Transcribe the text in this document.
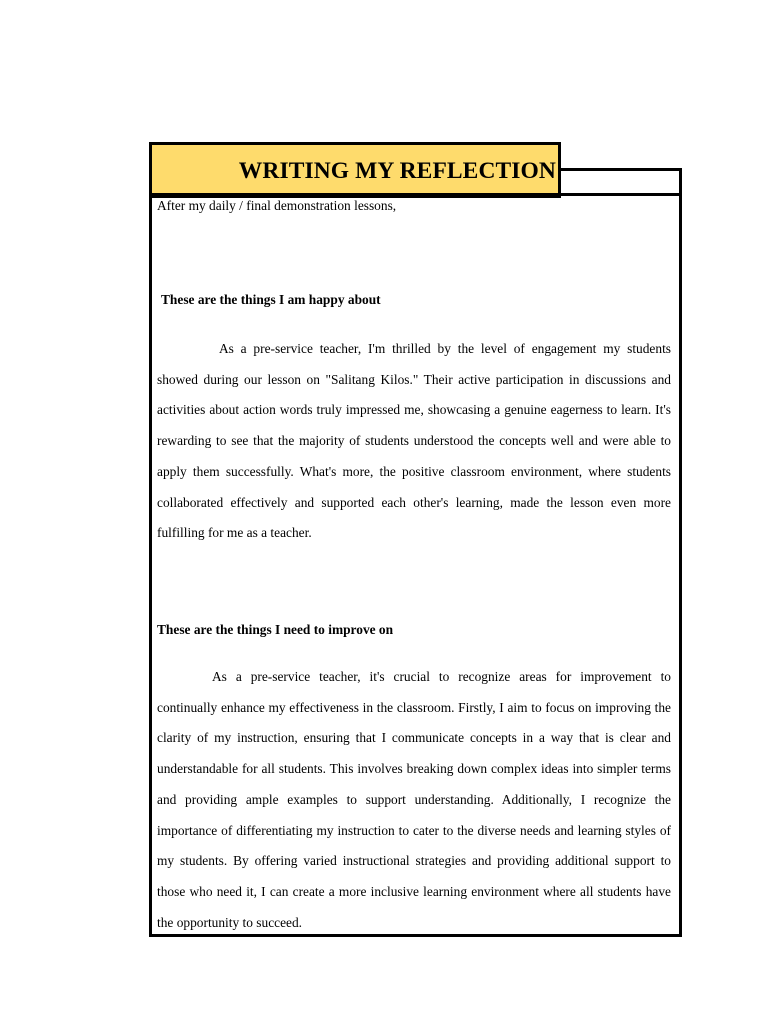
WRITING MY REFLECTION
After my daily / final demonstration lessons,
These are the things I am happy about

As a pre-service teacher, I'm thrilled by the level of engagement my students showed during our lesson on "Salitang Kilos." Their active participation in discussions and activities about action words truly impressed me, showcasing a genuine eagerness to learn. It's rewarding to see that the majority of students understood the concepts well and were able to apply them successfully. What's more, the positive classroom environment, where students collaborated effectively and supported each other's learning, made the lesson even more fulfilling for me as a teacher.

These are the things I need to improve on

As a pre-service teacher, it's crucial to recognize areas for improvement to continually enhance my effectiveness in the classroom. Firstly, I aim to focus on improving the clarity of my instruction, ensuring that I communicate concepts in a way that is clear and understandable for all students. This involves breaking down complex ideas into simpler terms and providing ample examples to support understanding. Additionally, I recognize the importance of differentiating my instruction to cater to the diverse needs and learning styles of my students. By offering varied instructional strategies and providing additional support to those who need it, I can create a more inclusive learning environment where all students have the opportunity to succeed.
